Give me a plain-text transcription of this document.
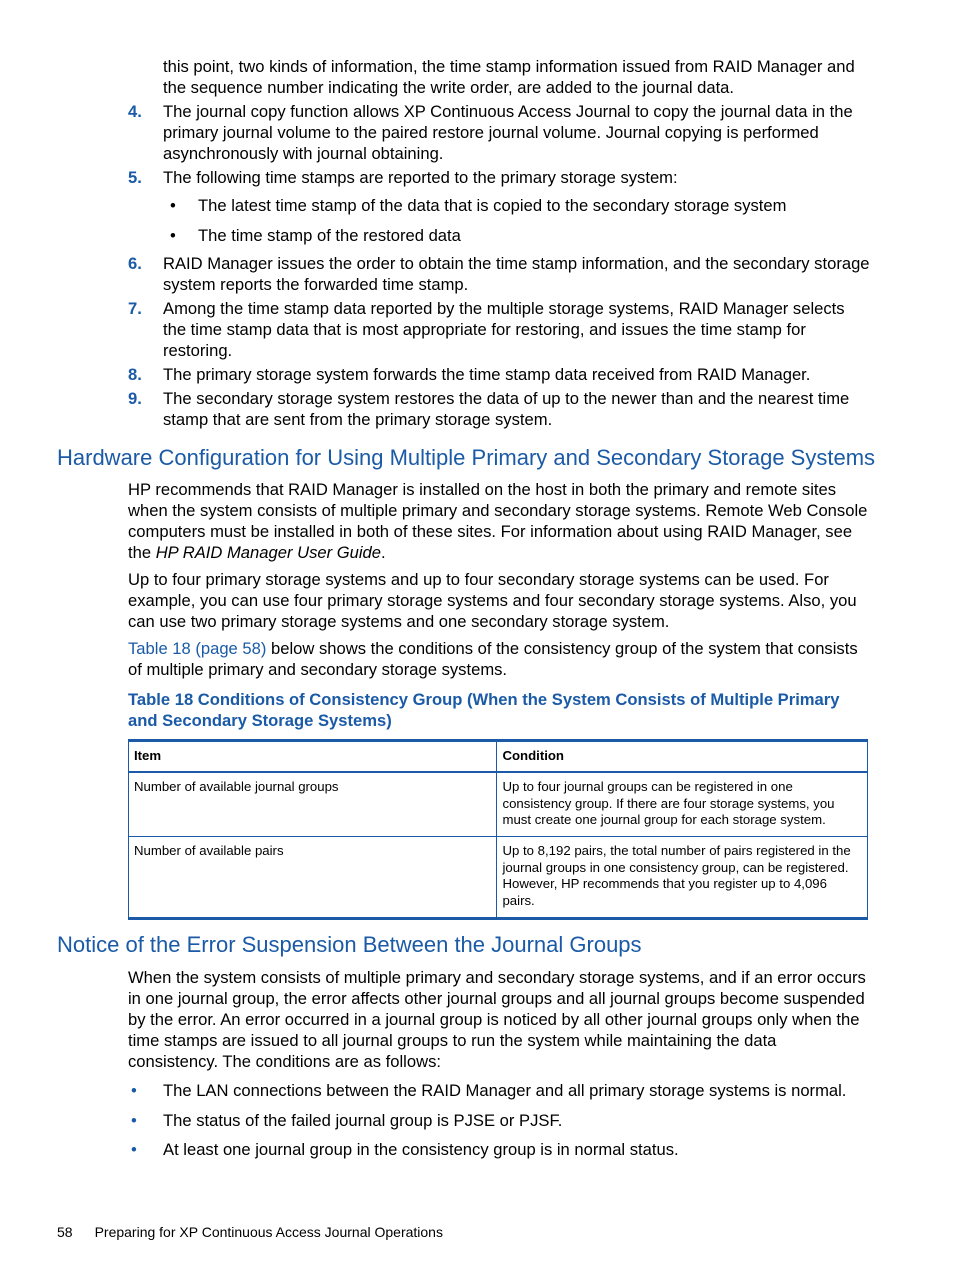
this point, two kinds of information, the time stamp information issued from RAID Manager and the sequence number indicating the write order, are added to the journal data.

4. The journal copy function allows XP Continuous Access Journal to copy the journal data in the primary journal volume to the paired restore journal volume. Journal copying is performed asynchronously with journal obtaining.

5. The following time stamps are reported to the primary storage system:

• The latest time stamp of the data that is copied to the secondary storage system

• The time stamp of the restored data

6. RAID Manager issues the order to obtain the time stamp information, and the secondary storage system reports the forwarded time stamp.

7. Among the time stamp data reported by the multiple storage systems, RAID Manager selects the time stamp data that is most appropriate for restoring, and issues the time stamp for restoring.

8. The primary storage system forwards the time stamp data received from RAID Manager.

9. The secondary storage system restores the data of up to the newer than and the nearest time stamp that are sent from the primary storage system.

Hardware Configuration for Using Multiple Primary and Secondary Storage Systems

HP recommends that RAID Manager is installed on the host in both the primary and remote sites when the system consists of multiple primary and secondary storage systems. Remote Web Console computers must be installed in both of these sites. For information about using RAID Manager, see the HP RAID Manager User Guide.

Up to four primary storage systems and up to four secondary storage systems can be used. For example, you can use four primary storage systems and four secondary storage systems. Also, you can use two primary storage systems and one secondary storage system.

Table 18 (page 58) below shows the conditions of the consistency group of the system that consists of multiple primary and secondary storage systems.

Table 18 Conditions of Consistency Group (When the System Consists of Multiple Primary and Secondary Storage Systems)

Item	Condition
Number of available journal groups	Up to four journal groups can be registered in one consistency group. If there are four storage systems, you must create one journal group for each storage system.
Number of available pairs	Up to 8,192 pairs, the total number of pairs registered in the journal groups in one consistency group, can be registered. However, HP recommends that you register up to 4,096 pairs.
Notice of the Error Suspension Between the Journal Groups

When the system consists of multiple primary and secondary storage systems, and if an error occurs in one journal group, the error affects other journal groups and all journal groups become suspended by the error. An error occurred in a journal group is noticed by all other journal groups only when the time stamps are issued to all journal groups to run the system while maintaining the data consistency. The conditions are as follows:

• The LAN connections between the RAID Manager and all primary storage systems is normal.

• The status of the failed journal group is PJSE or PJSF.

• At least one journal group in the consistency group is in normal status.

58 Preparing for XP Continuous Access Journal Operations
